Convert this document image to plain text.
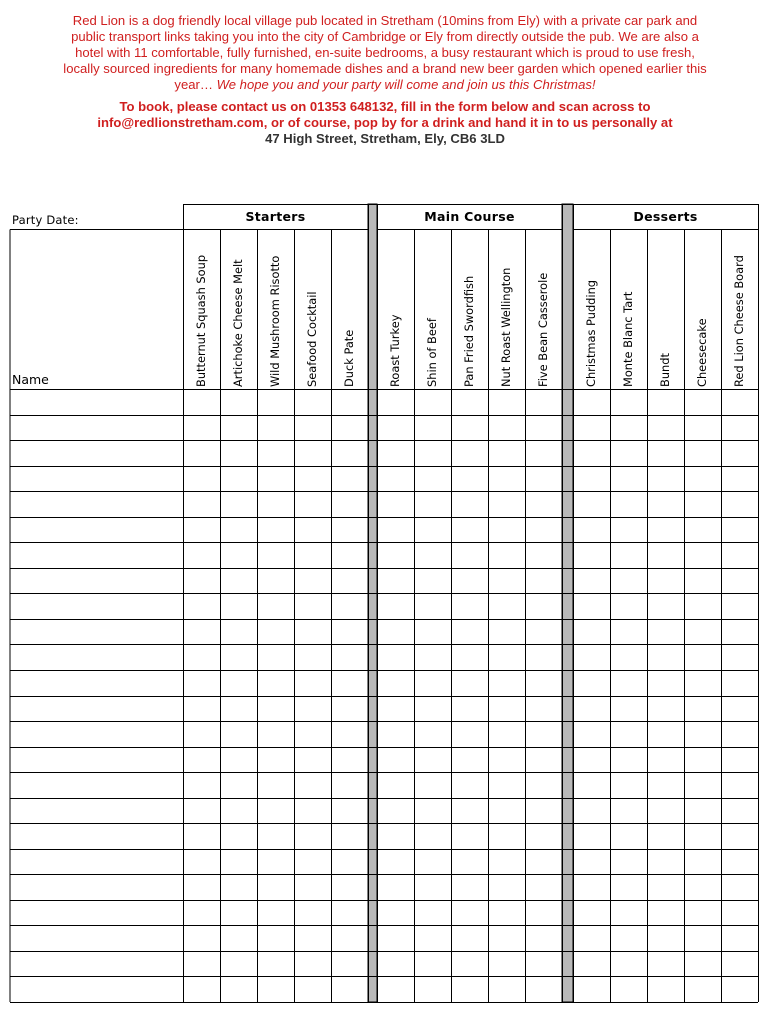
Red Lion is a dog friendly local village pub located in Stretham (10mins from Ely) with a private car park and
public transport links taking you into the city of Cambridge or Ely from directly outside the pub. We are also a
hotel with 11 comfortable, fully furnished, en-suite bedrooms, a busy restaurant which is proud to use fresh,
locally sourced ingredients for many homemade dishes and a brand new beer garden which opened earlier this
year… We hope you and your party will come and join us this Christmas!
To book, please contact us on 01353 648132, fill in the form below and scan across to
info@redlionstretham.com, or of course, pop by for a drink and hand it in to us personally at
47 High Street, Stretham, Ely, CB6 3LD
Party Date:
Name
Starters
Butternut Squash Soup Artichoke Cheese Melt Wild Mushroom Risotto Seafood Cocktail Duck Pate
Main Course
Roast Turkey Shin of Beef Pan Fried Swordfish Nut Roast Wellington Five Bean Casserole
Desserts
Christmas Pudding Monte Blanc Tart Bundt Cheesecake Red Lion Cheese Board
